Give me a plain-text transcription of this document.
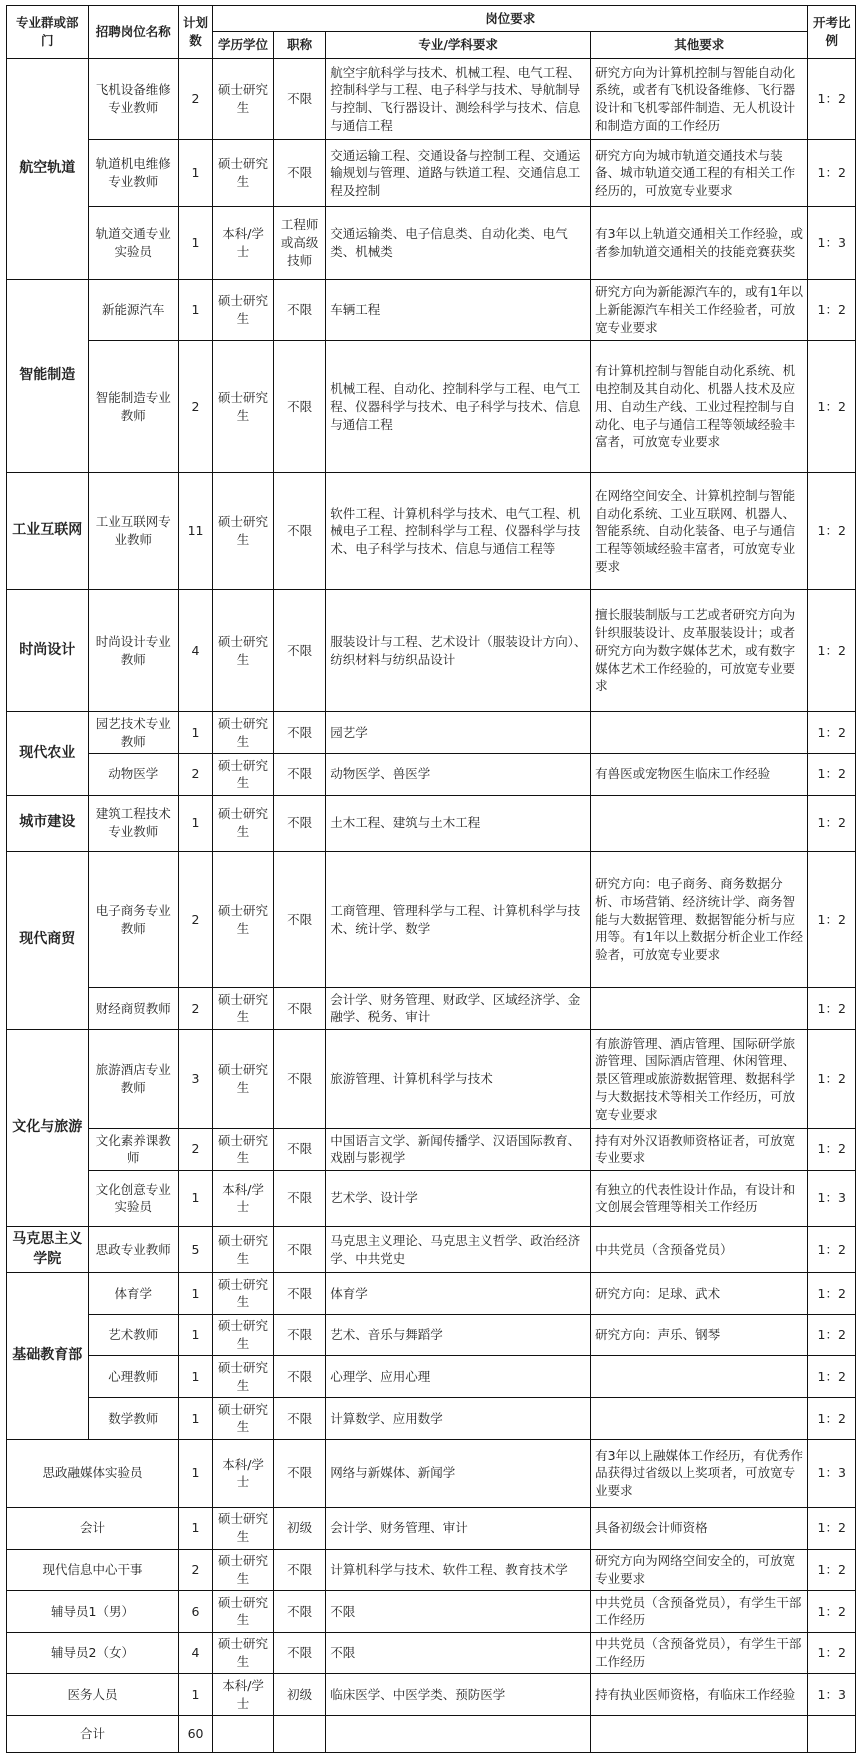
专业群或部门	招聘岗位名称	计划数	岗位要求				开考比例
			学历学位	职称	专业/学科要求	其他要求	
航空轨道	飞机设备维修专业教师	2	硕士研究生	不限	航空宇航科学与技术、机械工程、电气工程、控制科学与工程、电子科学与技术、导航制导与控制、飞行器设计、测绘科学与技术、信息与通信工程	研究方向为计算机控制与智能自动化系统，或者有飞机设备维修、飞行器设计和飞机零部件制造、无人机设计和制造方面的工作经历	1：2
	轨道机电维修专业教师	1	硕士研究生	不限	交通运输工程、交通设备与控制工程、交通运输规划与管理、道路与铁道工程、交通信息工程及控制	研究方向为城市轨道交通技术与装备、城市轨道交通工程的有相关工作经历的，可放宽专业要求	1：2
	轨道交通专业实验员	1	本科/学士	工程师或高级技师	交通运输类、电子信息类、自动化类、电气类、机械类	有3年以上轨道交通相关工作经验，或者参加轨道交通相关的技能竞赛获奖	1：3
智能制造	新能源汽车	1	硕士研究生	不限	车辆工程	研究方向为新能源汽车的，或有1年以上新能源汽车相关工作经验者，可放宽专业要求	1：2
	智能制造专业教师	2	硕士研究生	不限	机械工程、自动化、控制科学与工程、电气工程、仪器科学与技术、电子科学与技术、信息与通信工程	有计算机控制与智能自动化系统、机电控制及其自动化、机器人技术及应用、自动生产线、工业过程控制与自动化、电子与通信工程等领域经验丰富者，可放宽专业要求	1：2
工业互联网	工业互联网专业教师	11	硕士研究生	不限	软件工程、计算机科学与技术、电气工程、机械电子工程、控制科学与工程、仪器科学与技术、电子科学与技术、信息与通信工程等	在网络空间安全、计算机控制与智能自动化系统、工业互联网、机器人、智能系统、自动化装备、电子与通信工程等领域经验丰富者，可放宽专业要求	1：2
时尚设计	时尚设计专业教师	4	硕士研究生	不限	服装设计与工程、艺术设计（服装设计方向）、纺织材料与纺织品设计	擅长服装制版与工艺或者研究方向为针织服装设计、皮革服装设计；或者研究方向为数字媒体艺术，或有数字媒体艺术工作经验的，可放宽专业要求	1：2
现代农业	园艺技术专业教师	1	硕士研究生	不限	园艺学		1：2
	动物医学	2	硕士研究生	不限	动物医学、兽医学	有兽医或宠物医生临床工作经验	1：2
城市建设	建筑工程技术专业教师	1	硕士研究生	不限	土木工程、建筑与土木工程		1：2
现代商贸	电子商务专业教师	2	硕士研究生	不限	工商管理、管理科学与工程、计算机科学与技术、统计学、数学	研究方向：电子商务、商务数据分析、市场营销、经济统计学、商务智能与大数据管理、数据智能分析与应用等。有1年以上数据分析企业工作经验者，可放宽专业要求	1：2
	财经商贸教师	2	硕士研究生	不限	会计学、财务管理、财政学、区域经济学、金融学、税务、审计		1：2
文化与旅游	旅游酒店专业教师	3	硕士研究生	不限	旅游管理、计算机科学与技术	有旅游管理、酒店管理、国际研学旅游管理、国际酒店管理、休闲管理、景区管理或旅游数据管理、数据科学与大数据技术等相关工作经历，可放宽专业要求	1：2
	文化素养课教师	2	硕士研究生	不限	中国语言文学、新闻传播学、汉语国际教育、戏剧与影视学	持有对外汉语教师资格证者，可放宽专业要求	1：2
	文化创意专业实验员	1	本科/学士	不限	艺术学、设计学	有独立的代表性设计作品，有设计和文创展会管理等相关工作经历	1：3
马克思主义学院	思政专业教师	5	硕士研究生	不限	马克思主义理论、马克思主义哲学、政治经济学、中共党史	中共党员（含预备党员）	1：2
基础教育部	体育学	1	硕士研究生	不限	体育学	研究方向：足球、武术	1：2
	艺术教师	1	硕士研究生	不限	艺术、音乐与舞蹈学	研究方向：声乐、钢琴	1：2
	心理教师	1	硕士研究生	不限	心理学、应用心理		1：2
	数学教师	1	硕士研究生	不限	计算数学、应用数学		1：2
思政融媒体实验员		1	本科/学士	不限	网络与新媒体、新闻学	有3年以上融媒体工作经历，有优秀作品获得过省级以上奖项者，可放宽专业要求	1：3
会计		1	硕士研究生	初级	会计学、财务管理、审计	具备初级会计师资格	1：2
现代信息中心干事		2	硕士研究生	不限	计算机科学与技术、软件工程、教育技术学	研究方向为网络空间安全的，可放宽专业要求	1：2
辅导员1（男）		6	硕士研究生	不限	不限	中共党员（含预备党员），有学生干部工作经历	1：2
辅导员2（女）		4	硕士研究生	不限	不限	中共党员（含预备党员），有学生干部工作经历	1：2
医务人员		1	本科/学士	初级	临床医学、中医学类、预防医学	持有执业医师资格，有临床工作经验	1：3
合计		60					
